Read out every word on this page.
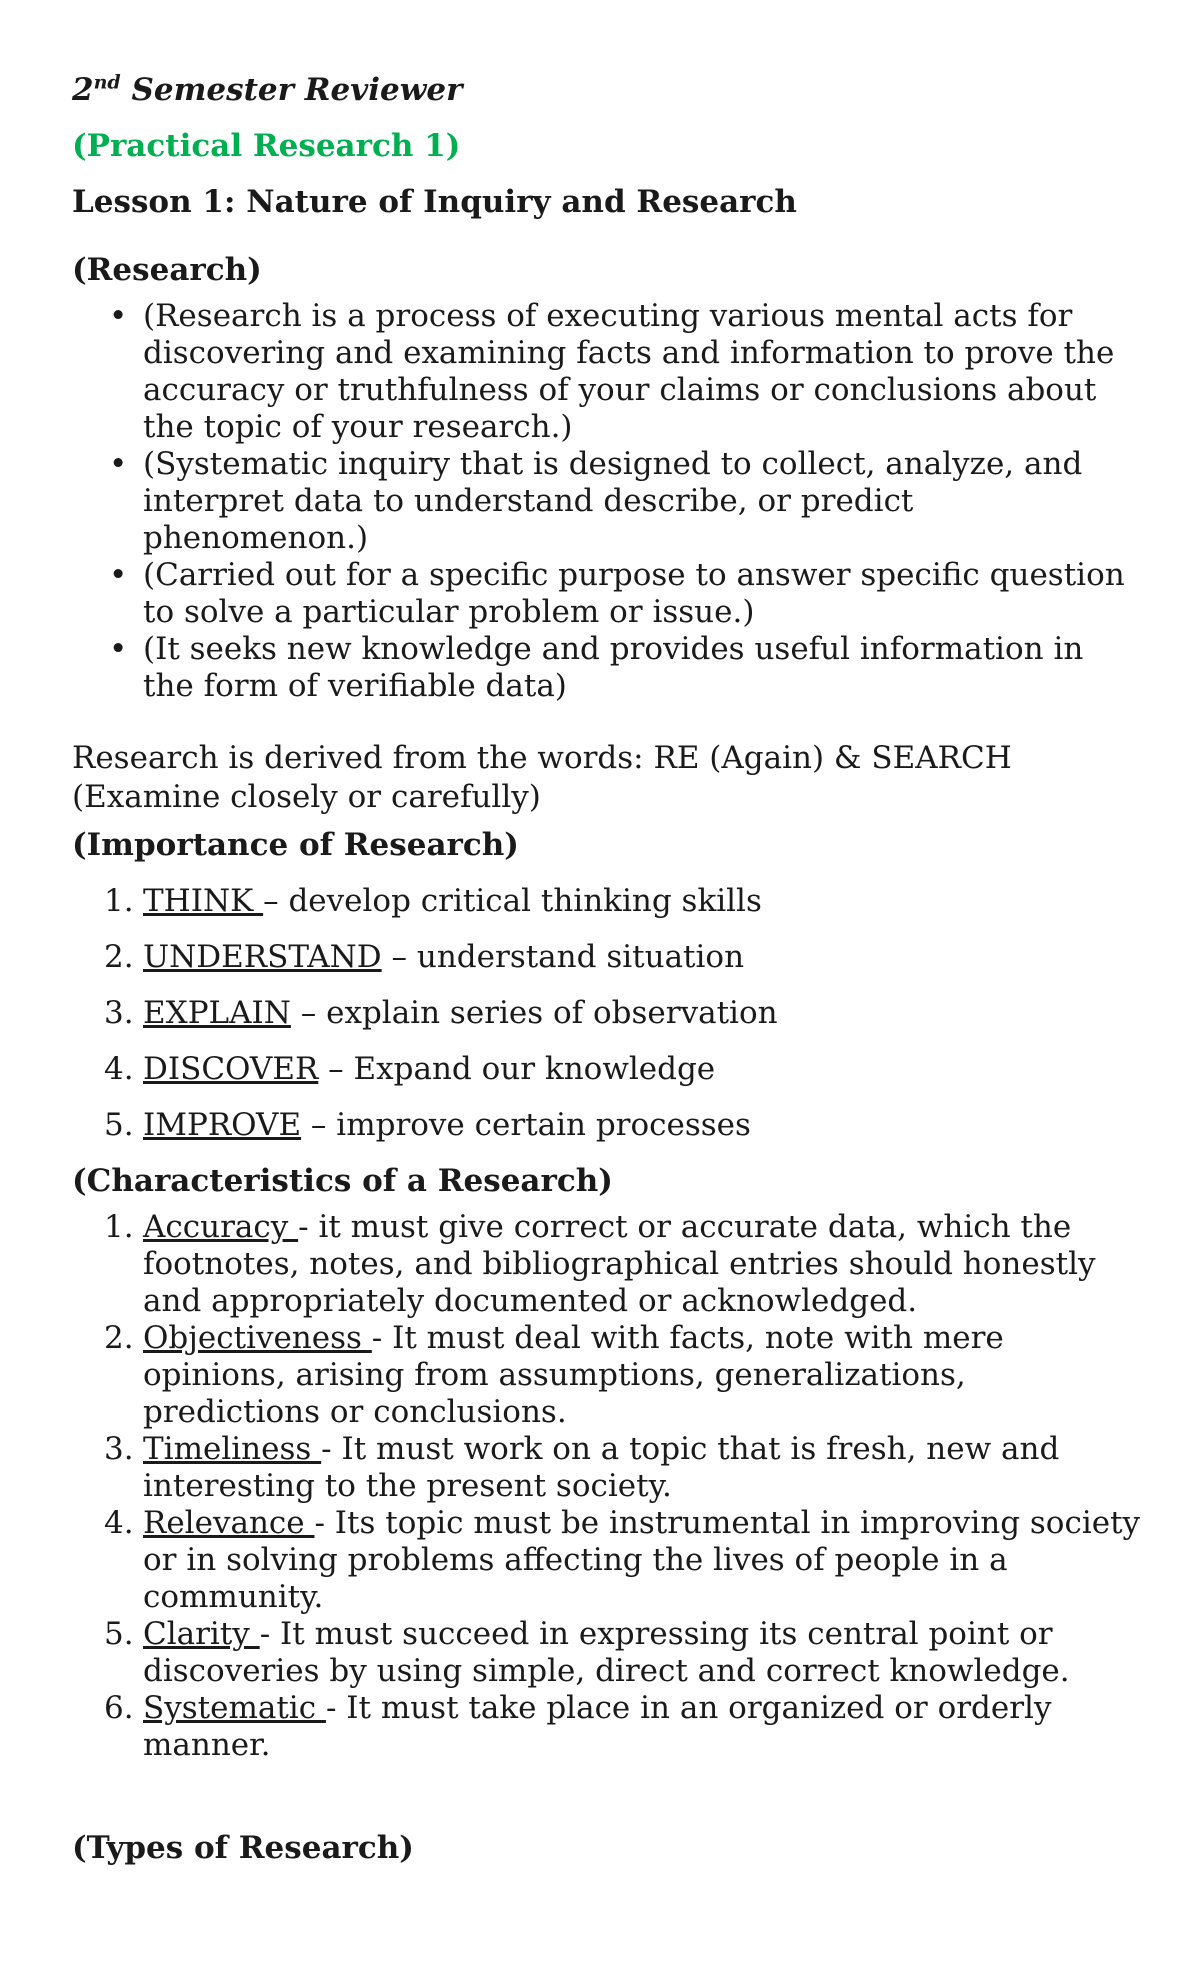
2nd Semester Reviewer

(Practical Research 1)

Lesson 1: Nature of Inquiry and Research

(Research)

• (Research is a process of executing various mental acts for discovering and examining facts and information to prove the accuracy or truthfulness of your claims or conclusions about the topic of your research.)
• (Systematic inquiry that is designed to collect, analyze, and interpret data to understand describe, or predict phenomenon.)
• (Carried out for a specific purpose to answer specific question to solve a particular problem or issue.)
• (It seeks new knowledge and provides useful information in the form of verifiable data)

Research is derived from the words: RE (Again) & SEARCH (Examine closely or carefully)

(Importance of Research)

1. THINK – develop critical thinking skills
2. UNDERSTAND – understand situation
3. EXPLAIN – explain series of observation
4. DISCOVER – Expand our knowledge
5. IMPROVE – improve certain processes

(Characteristics of a Research)

1. Accuracy - it must give correct or accurate data, which the footnotes, notes, and bibliographical entries should honestly and appropriately documented or acknowledged.
2. Objectiveness - It must deal with facts, note with mere opinions, arising from assumptions, generalizations, predictions or conclusions.
3. Timeliness - It must work on a topic that is fresh, new and interesting to the present society.
4. Relevance - Its topic must be instrumental in improving society or in solving problems affecting the lives of people in a community.
5. Clarity - It must succeed in expressing its central point or discoveries by using simple, direct and correct knowledge.
6. Systematic - It must take place in an organized or orderly manner.

(Types of Research)
